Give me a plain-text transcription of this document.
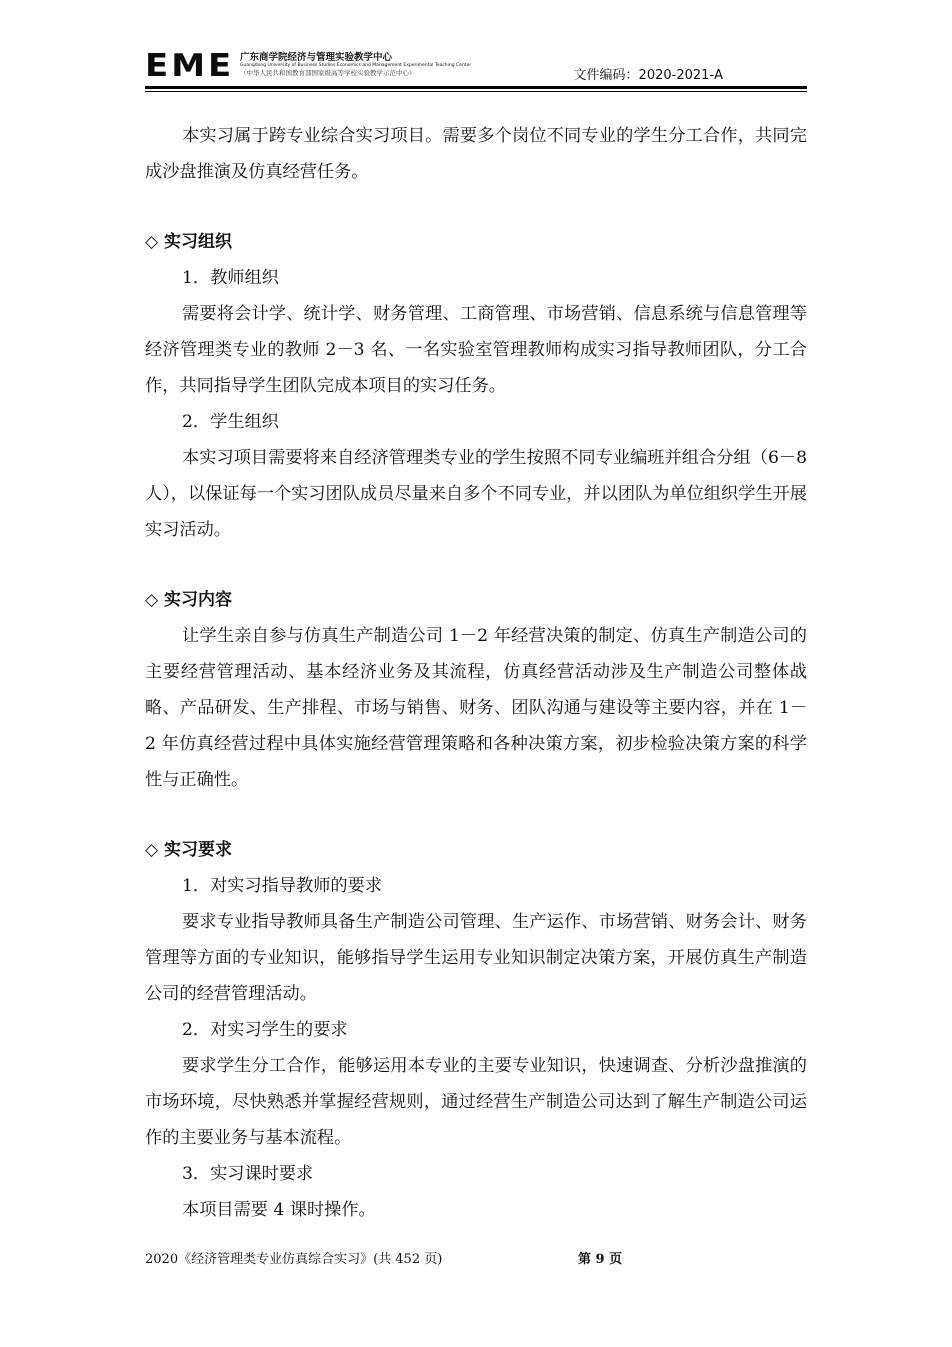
EME 广东商学院经济与管理实验教学中心
Guangdong University of Business Studies Economics and Management Experimental Teaching Center
（中华人民共和国教育部国家级高等学校实验教学示范中心）	文件编码：2020-2021-A

本实习属于跨专业综合实习项目。需要多个岗位不同专业的学生分工合作，共同完成沙盘推演及仿真经营任务。

◇ 实习组织

1．教师组织

需要将会计学、统计学、财务管理、工商管理、市场营销、信息系统与信息管理等经济管理类专业的教师 2－3 名、一名实验室管理教师构成实习指导教师团队，分工合作，共同指导学生团队完成本项目的实习任务。

2．学生组织

本实习项目需要将来自经济管理类专业的学生按照不同专业编班并组合分组（6－8 人），以保证每一个实习团队成员尽量来自多个不同专业，并以团队为单位组织学生开展实习活动。

◇ 实习内容

让学生亲自参与仿真生产制造公司 1－2 年经营决策的制定、仿真生产制造公司的主要经营管理活动、基本经济业务及其流程，仿真经营活动涉及生产制造公司整体战略、产品研发、生产排程、市场与销售、财务、团队沟通与建设等主要内容，并在 1－2 年仿真经营过程中具体实施经营管理策略和各种决策方案，初步检验决策方案的科学性与正确性。

◇ 实习要求

1．对实习指导教师的要求

要求专业指导教师具备生产制造公司管理、生产运作、市场营销、财务会计、财务管理等方面的专业知识，能够指导学生运用专业知识制定决策方案，开展仿真生产制造公司的经营管理活动。

2．对实习学生的要求

要求学生分工合作，能够运用本专业的主要专业知识，快速调查、分析沙盘推演的市场环境，尽快熟悉并掌握经营规则，通过经营生产制造公司达到了解生产制造公司运作的主要业务与基本流程。

3．实习课时要求

本项目需要 4 课时操作。

2020《经济管理类专业仿真综合实习》(共 452 页)	第 9 页
